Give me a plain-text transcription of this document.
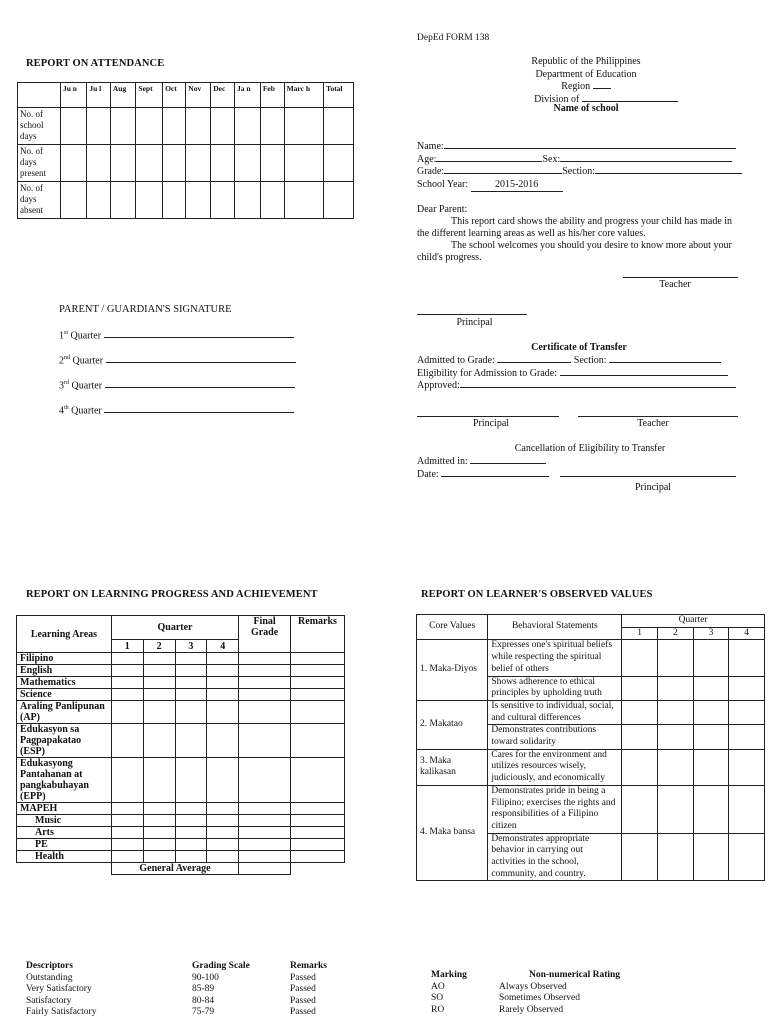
REPORT ON ATTENDANCE
	Ju n	Ju l	Aug	Sept	Oct	Nov	Dec	Ja n	Feb	Marc h	Total
No. of school days											
No. of days present											
No. of days absent											
PARENT / GUARDIAN'S SIGNATURE
1st Quarter
2nd Quarter
3rd Quarter
4th Quarter
DepEd FORM 138
Republic of the Philippines
Department of Education
Region
Division of
Name of school
Name:
Age:	Sex:
Grade:	Section:
School Year:	2015-2016
Dear Parent:
This report card shows the ability and progress your child has made in the different learning areas as well as his/her core values.
The school welcomes you should you desire to know more about your child's progress.
Teacher
Principal
Certificate of Transfer
Admitted to Grade:	Section:
Eligibility for Admission to Grade:
Approved:
Principal	Teacher
Cancellation of Eligibility to Transfer
Admitted in:
Date:
Principal
REPORT ON LEARNING PROGRESS AND ACHIEVEMENT
Learning Areas	Quarter				Final Grade	Remarks
	1	2	3	4		
Filipino						
English						
Mathematics						
Science						
Araling Panlipunan (AP)						
Edukasyon sa Pagpapakatao (ESP)						
Edukasyong Pantahanan at pangkabuhayan (EPP)						
MAPEH						
Music						
Arts						
PE						
Health						
	General Average					
Descriptors	Grading Scale	Remarks
Outstanding	90-100	Passed
Very Satisfactory	85-89	Passed
Satisfactory	80-84	Passed
Fairly Satisfactory	75-79	Passed
REPORT ON LEARNER'S OBSERVED VALUES
Core Values	Behavioral Statements	Quarter			
		1	2	3	4
1. Maka-Diyos	Expresses one's spiritual beliefs while respecting the spiritual belief of others				
	Shows adherence to ethical principles by upholding truth				
2. Makatao	Is sensitive to individual, social, and cultural differences				
	Demonstrates contributions toward solidarity				
3. Maka kalikasan	Cares for the environment and utilizes resources wisely, judiciously, and economically				
4. Maka bansa	Demonstrates pride in being a Filipino; exercises the rights and responsibilities of a Filipino citizen				
	Demonstrates appropriate behavior in carrying out activities in the school, community, and country.				
Marking	Non-numerical Rating
AO	Always Observed
SO	Sometimes Observed
RO	Rarely Observed
